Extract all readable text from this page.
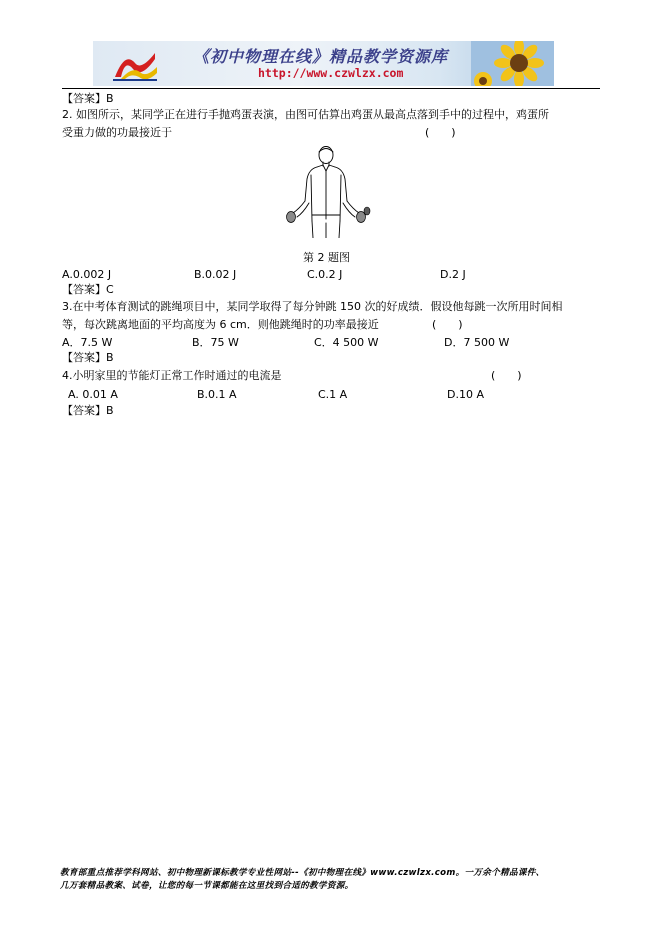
《初中物理在线》精品教学资源库
http://www.czwlzx.com
【答案】B
2. 如图所示，某同学正在进行手抛鸡蛋表演，由图可估算出鸡蛋从最高点落到手中的过程中，鸡蛋所
受重力做的功最接近于	(　　)
第 2 题图
A.0.002 J	B.0.02 J	C.0.2 J	D.2 J
【答案】C
3.在中考体育测试的跳绳项目中，某同学取得了每分钟跳 150 次的好成绩．假设他每跳一次所用时间相
等，每次跳离地面的平均高度为 6 cm．则他跳绳时的功率最接近	(　　)
A．7.5 W	B．75 W	C．4 500 W	D．7 500 W
【答案】B
4.小明家里的节能灯正常工作时通过的电流是	(　　)
A. 0.01 A	B.0.1 A	C.1 A	D.10 A
【答案】B
教育部重点推荐学科网站、初中物理新课标教学专业性网站--《初中物理在线》www.czwlzx.com。一万余个精品课件、
几万套精品教案、试卷，让您的每一节课都能在这里找到合适的教学资源。
